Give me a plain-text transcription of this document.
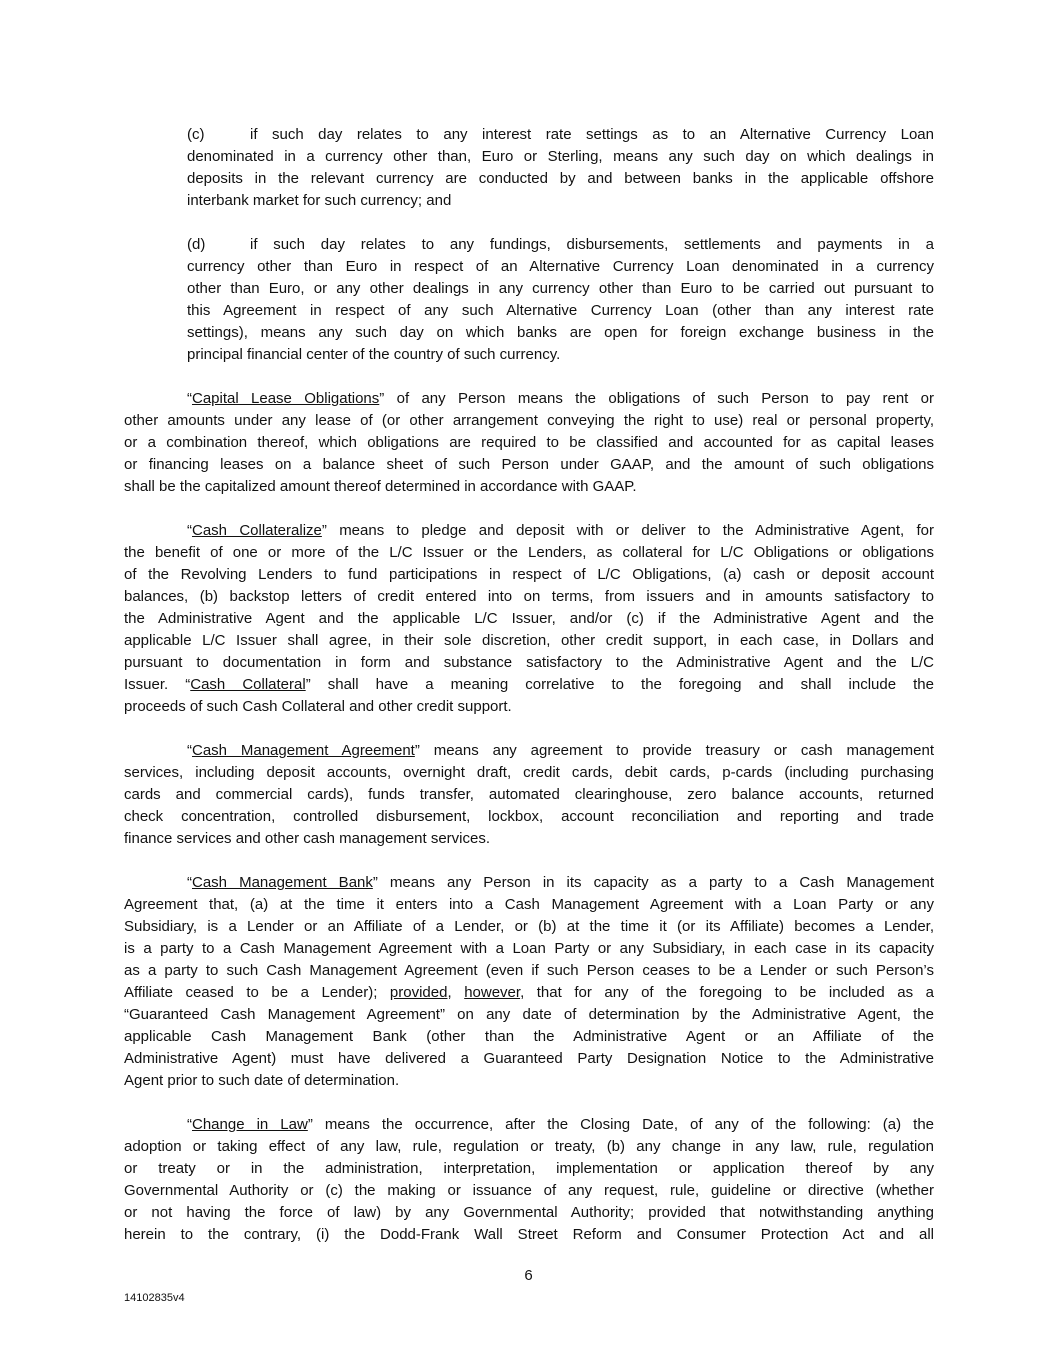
(c)	if such day relates to any interest rate settings as to an Alternative Currency Loan
denominated in a currency other than, Euro or Sterling, means any such day on which dealings in
deposits in the relevant currency are conducted by and between banks in the applicable offshore
interbank market for such currency; and
(d)	if such day relates to any fundings, disbursements, settlements and payments in a
currency other than Euro in respect of an Alternative Currency Loan denominated in a currency
other than Euro, or any other dealings in any currency other than Euro to be carried out pursuant to
this Agreement in respect of any such Alternative Currency Loan (other than any interest rate
settings), means any such day on which banks are open for foreign exchange business in the
principal financial center of the country of such currency.
“Capital Lease Obligations” of any Person means the obligations of such Person to pay rent or
other amounts under any lease of (or other arrangement conveying the right to use) real or personal property,
or a combination thereof, which obligations are required to be classified and accounted for as capital leases
or financing leases on a balance sheet of such Person under GAAP, and the amount of such obligations
shall be the capitalized amount thereof determined in accordance with GAAP.
“Cash Collateralize” means to pledge and deposit with or deliver to the Administrative Agent, for
the benefit of one or more of the L/C Issuer or the Lenders, as collateral for L/C Obligations or obligations
of the Revolving Lenders to fund participations in respect of L/C Obligations, (a) cash or deposit account
balances, (b) backstop letters of credit entered into on terms, from issuers and in amounts satisfactory to
the Administrative Agent and the applicable L/C Issuer, and/or (c) if the Administrative Agent and the
applicable L/C Issuer shall agree, in their sole discretion, other credit support, in each case, in Dollars and
pursuant to documentation in form and substance satisfactory to the Administrative Agent and the L/C
Issuer. “Cash Collateral” shall have a meaning correlative to the foregoing and shall include the
proceeds of such Cash Collateral and other credit support.
“Cash Management Agreement” means any agreement to provide treasury or cash management
services, including deposit accounts, overnight draft, credit cards, debit cards, p-cards (including purchasing
cards and commercial cards), funds transfer, automated clearinghouse, zero balance accounts, returned
check concentration, controlled disbursement, lockbox, account reconciliation and reporting and trade
finance services and other cash management services.
“Cash Management Bank” means any Person in its capacity as a party to a Cash Management
Agreement that, (a) at the time it enters into a Cash Management Agreement with a Loan Party or any
Subsidiary, is a Lender or an Affiliate of a Lender, or (b) at the time it (or its Affiliate) becomes a Lender,
is a party to a Cash Management Agreement with a Loan Party or any Subsidiary, in each case in its capacity
as a party to such Cash Management Agreement (even if such Person ceases to be a Lender or such Person’s
Affiliate ceased to be a Lender); provided, however, that for any of the foregoing to be included as a
“Guaranteed Cash Management Agreement” on any date of determination by the Administrative Agent, the
applicable Cash Management Bank (other than the Administrative Agent or an Affiliate of the
Administrative Agent) must have delivered a Guaranteed Party Designation Notice to the Administrative
Agent prior to such date of determination.
“Change in Law” means the occurrence, after the Closing Date, of any of the following: (a) the
adoption or taking effect of any law, rule, regulation or treaty, (b) any change in any law, rule, regulation
or treaty or in the administration, interpretation, implementation or application thereof by any
Governmental Authority or (c) the making or issuance of any request, rule, guideline or directive (whether
or not having the force of law) by any Governmental Authority; provided that notwithstanding anything
herein to the contrary, (i) the Dodd-Frank Wall Street Reform and Consumer Protection Act and all
6
14102835v4
